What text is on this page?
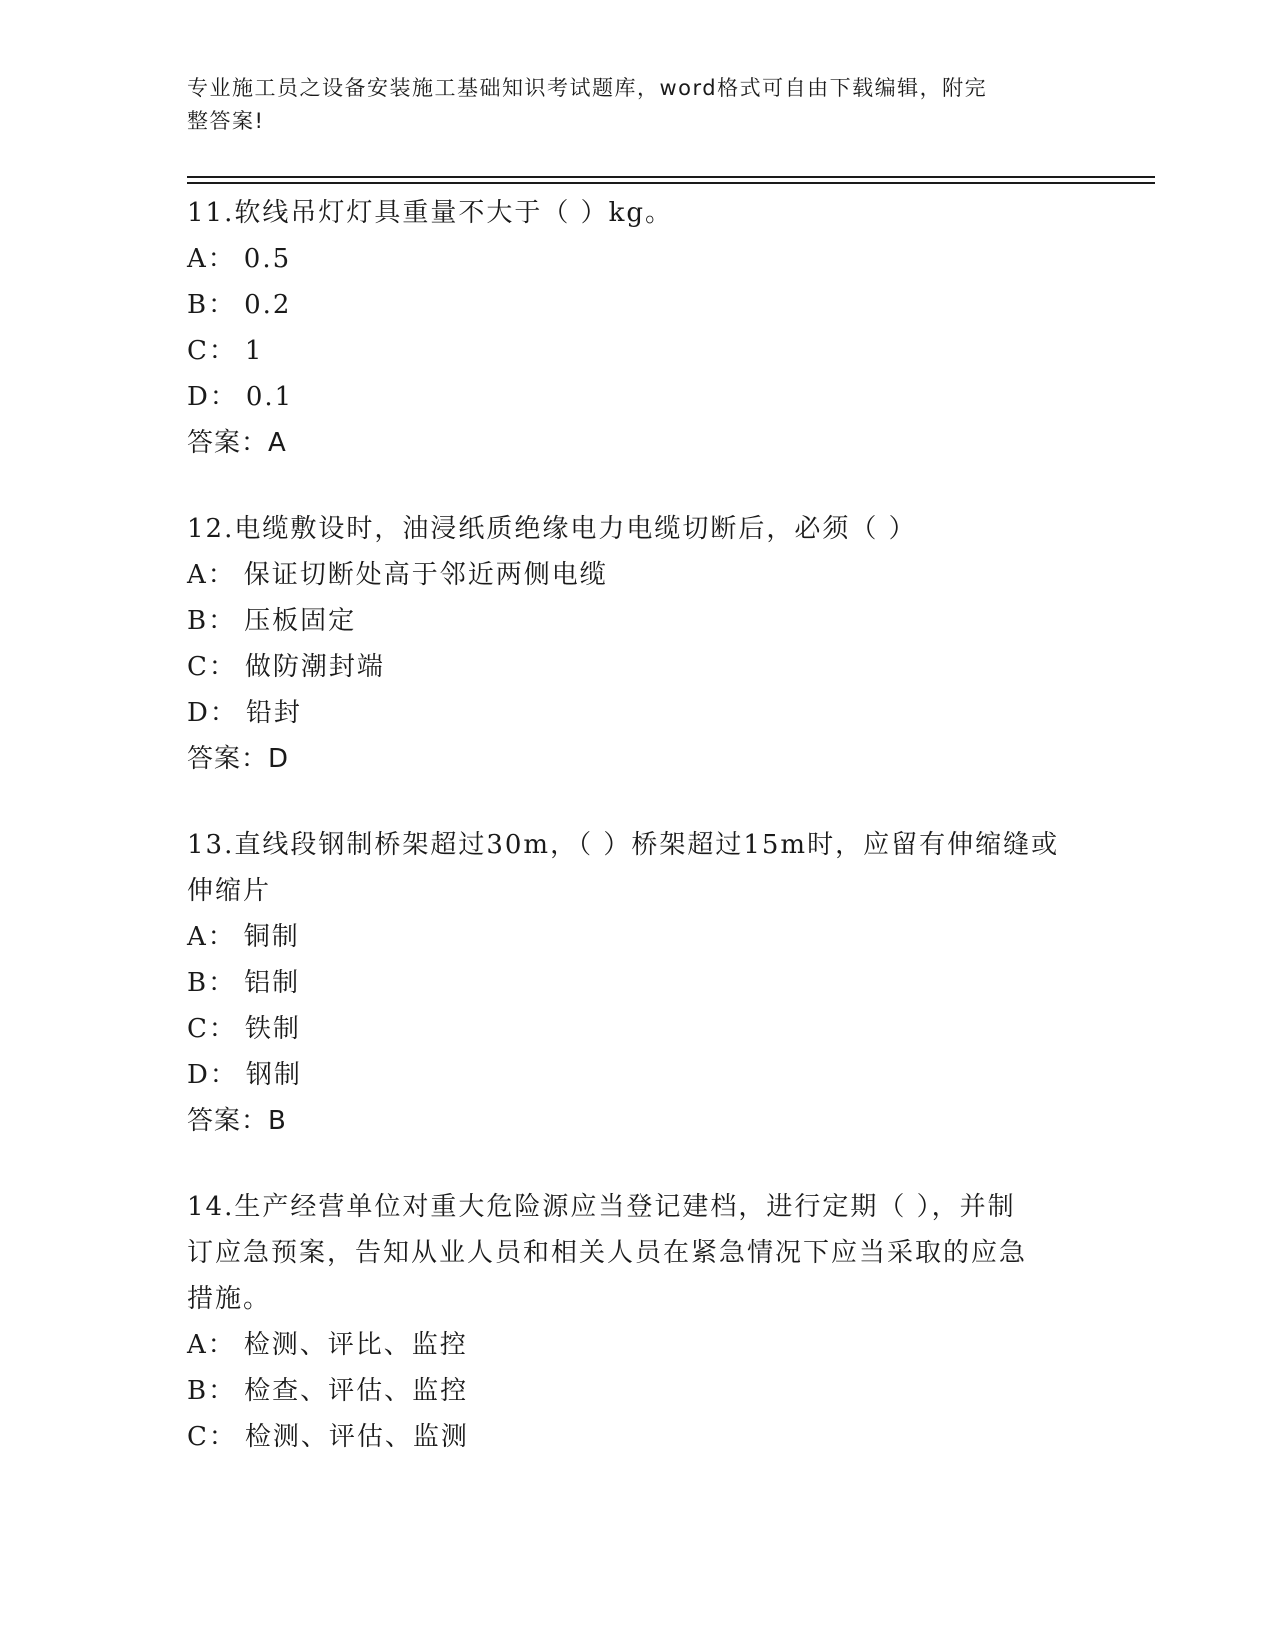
专业施工员之设备安装施工基础知识考试题库，word格式可自由下载编辑，附完
整答案!
11.软线吊灯灯具重量不大于（ ）kg。
A： 0.5
B： 0.2
C： 1
D： 0.1
答案：A
12.电缆敷设时，油浸纸质绝缘电力电缆切断后，必须（ ）
A： 保证切断处高于邻近两侧电缆
B： 压板固定
C： 做防潮封端
D： 铅封
答案：D
13.直线段钢制桥架超过30m，（ ）桥架超过15m时，应留有伸缩缝或
伸缩片
A： 铜制
B： 铝制
C： 铁制
D： 钢制
答案：B
14.生产经营单位对重大危险源应当登记建档，进行定期（ ），并制
订应急预案，告知从业人员和相关人员在紧急情况下应当采取的应急
措施。
A： 检测、评比、监控
B： 检查、评估、监控
C： 检测、评估、监测
